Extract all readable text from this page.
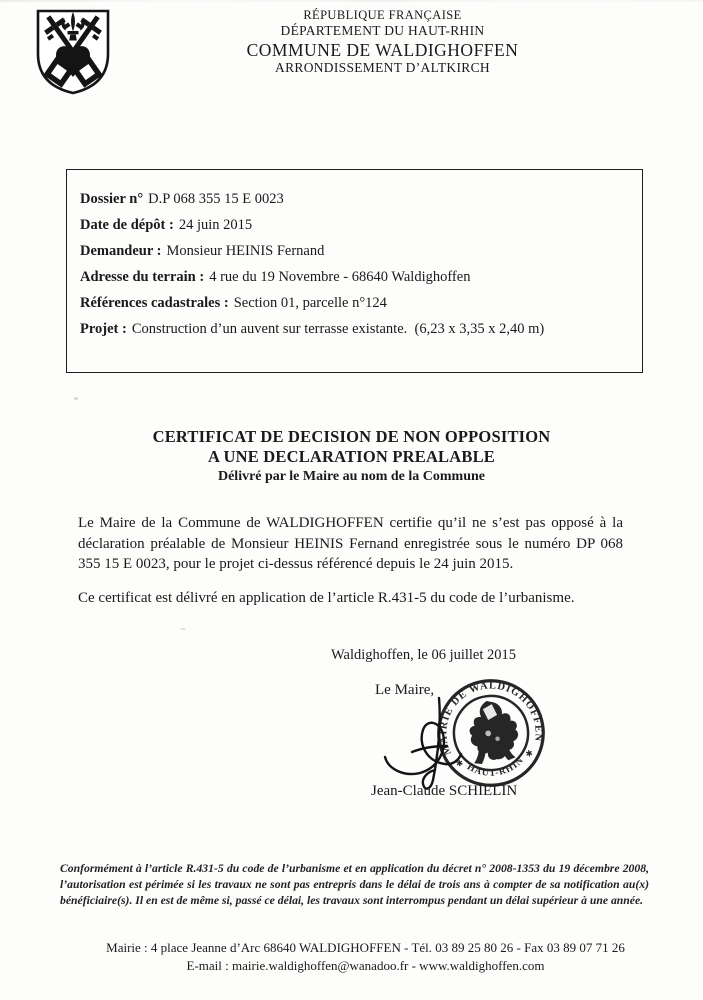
RÉPUBLIQUE FRANÇAISE
DÉPARTEMENT DU HAUT-RHIN
COMMUNE DE WALDIGHOFFEN
ARRONDISSEMENT D’ALTKIRCH
Dossier n° D.P 068 355 15 E 0023
Date de dépôt : 24 juin 2015
Demandeur : Monsieur HEINIS Fernand
Adresse du terrain : 4 rue du 19 Novembre - 68640 Waldighoffen
Références cadastrales : Section 01, parcelle n°124
Projet : Construction d’un auvent sur terrasse existante.  (6,23 x 3,35 x 2,40 m)
CERTIFICAT DE DECISION DE NON OPPOSITION
A UNE DECLARATION PREALABLE
Délivré par le Maire au nom de la Commune
Le Maire de la Commune de WALDIGHOFFEN certifie qu’il ne s’est pas opposé à la déclaration préalable de Monsieur HEINIS Fernand enregistrée sous le numéro DP 068 355 15 E 0023, pour le projet ci-dessus référencé depuis le 24 juin 2015.
Ce certificat est délivré en application de l’article R.431-5 du code de l’urbanisme.
Waldighoffen, le 06 juillet 2015
Le Maire,
MAIRIE DE WALDIGHOFFEN
HAUT-RHIN
✱
✱
Jean-Claude SCHIELIN
Conformément à l’article R.431-5 du code de l’urbanisme et en application du décret n° 2008-1353 du 19 décembre 2008, l’autorisation est périmée si les travaux ne sont pas entrepris dans le délai de trois ans à compter de sa notification au(x) bénéficiaire(s). Il en est de même si, passé ce délai, les travaux sont interrompus pendant un délai supérieur à une année.
Mairie : 4 place Jeanne d’Arc 68640 WALDIGHOFFEN - Tél. 03 89 25 80 26 - Fax 03 89 07 71 26
E-mail : mairie.waldighoffen@wanadoo.fr - www.waldighoffen.com
